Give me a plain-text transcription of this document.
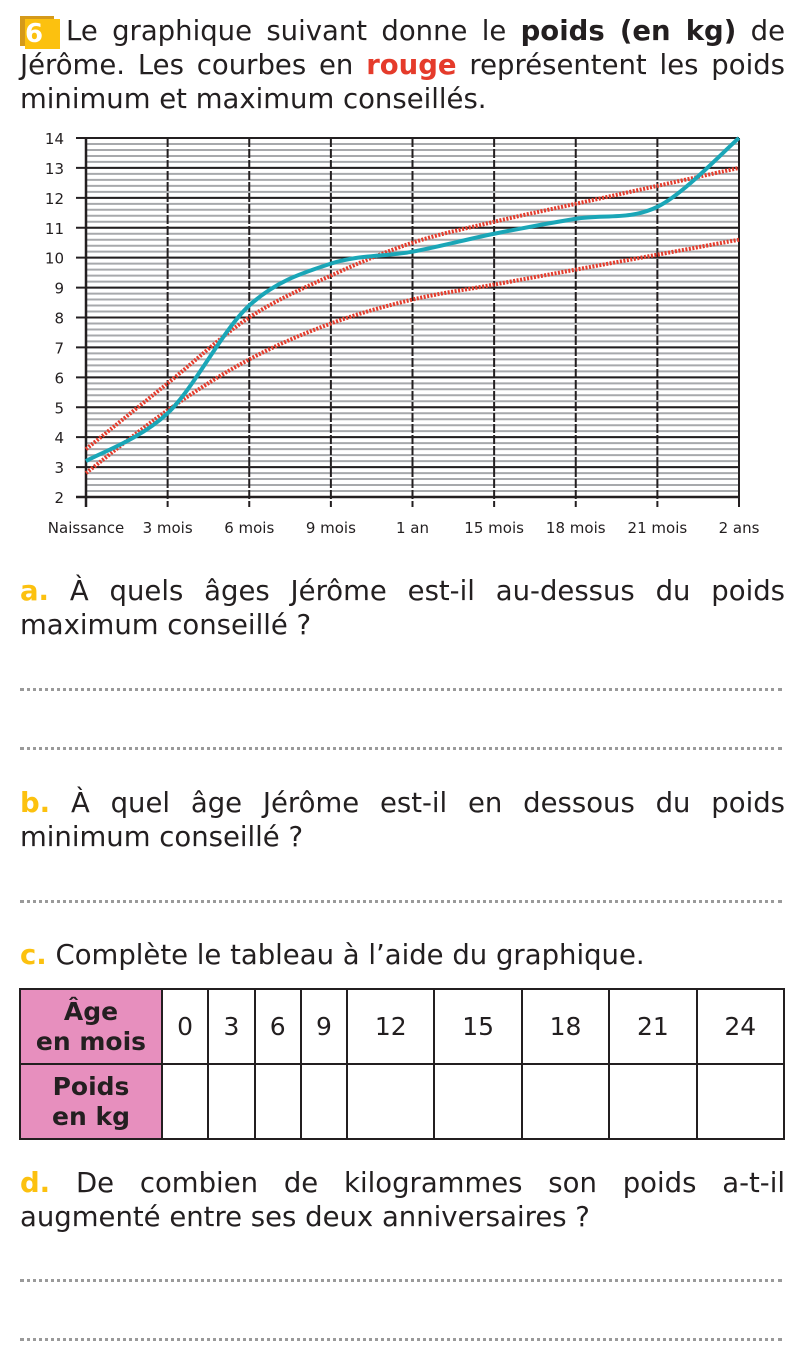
6 Le graphique suivant donne le poids (en kg) de Jérôme. Les courbes en rouge représentent les poids minimum et maximum conseillés.
2
3
4
5
6
7
8
9
10
11
12
13
14
Naissance 3 mois 6 mois 9 mois	1 an 15 mois 18 mois 21 mois 2 ans
a. À quels âges Jérôme est-il au-dessus du poids maximum conseillé ?
b. À quel âge Jérôme est-il en dessous du poids minimum conseillé ?
c. Complète le tableau à l’aide du graphique.
Âge
en mois	0	3	6	9	12	15	18	21	24
Poids
en kg									
d. De combien de kilogrammes son poids a-t-il augmenté entre ses deux anniversaires ?
